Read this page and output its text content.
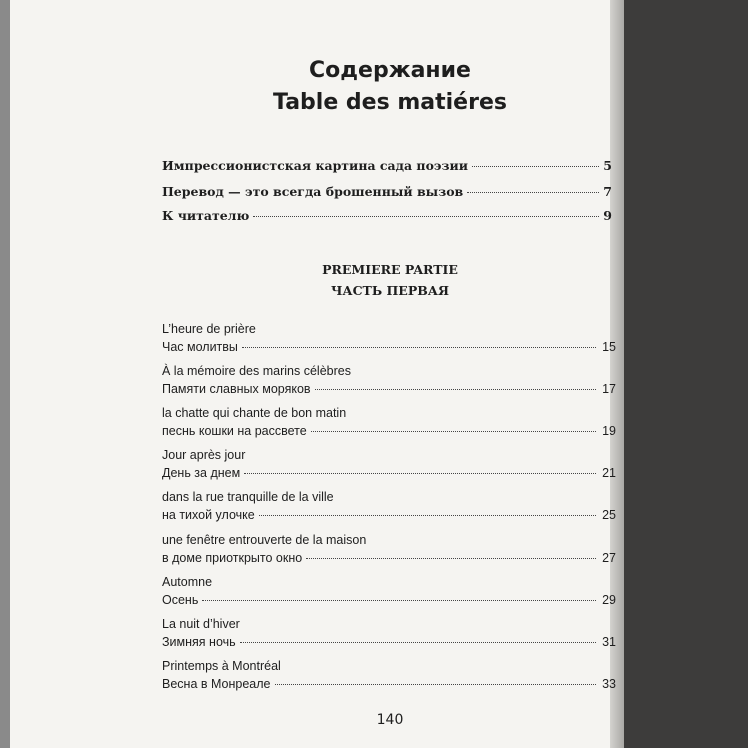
Содержание
Table des matiéres
Импрессионистская картина сада поэзии	5
Перевод — это всегда брошенный вызов	7
К читателю	9
PREMIERE PARTIE
ЧАСТЬ ПЕРВАЯ
L’heure de prière
Час молитвы	15
À la mémoire des marins célèbres
Памяти славных моряков	17
la chatte qui chante de bon matin
песнь кошки на рассвете	19
Jour après jour
День за днем	21
dans la rue tranquille de la ville
на тихой улочке	25
une fenêtre entrouverte de la maison
в доме приоткрыто окно	27
Automne
Осень	29
La nuit d’hiver
Зимняя ночь	31
Printemps à Montréal
Весна в Монреале	33
140
